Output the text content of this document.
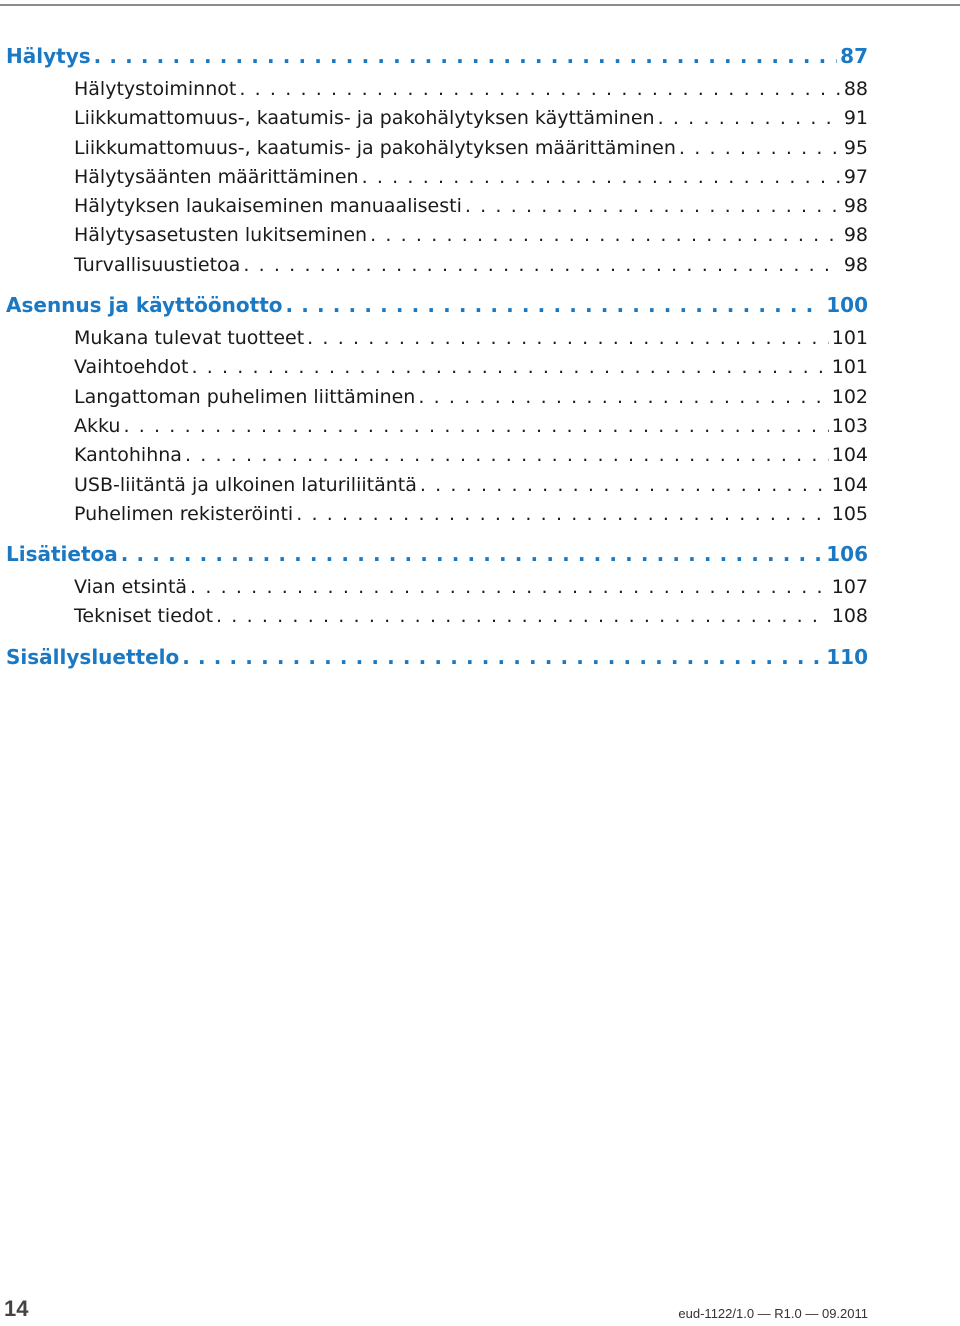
Hälytys . . .	87
Hälytystoiminnot . . .	88
Liikkumattomuus-, kaatumis- ja pakohälytyksen käyttäminen . . .	91
Liikkumattomuus-, kaatumis- ja pakohälytyksen määrittäminen . . .	95
Hälytysäänten määrittäminen . . .	97
Hälytyksen laukaiseminen manuaalisesti . . .	98
Hälytysasetusten lukitseminen . . .	98
Turvallisuustietoa . . .	98
Asennus ja käyttöönotto . . .	100
Mukana tulevat tuotteet . . .	101
Vaihtoehdot . . .	101
Langattoman puhelimen liittäminen . . .	102
Akku . . .	103
Kantohihna . . .	104
USB-liitäntä ja ulkoinen laturiliitäntä . . .	104
Puhelimen rekisteröinti . . .	105
Lisätietoa . . .	106
Vian etsintä . . .	107
Tekniset tiedot . . .	108
Sisällysluettelo . . .	110
14	eud-1122/1.0 — R1.0 — 09.2011
